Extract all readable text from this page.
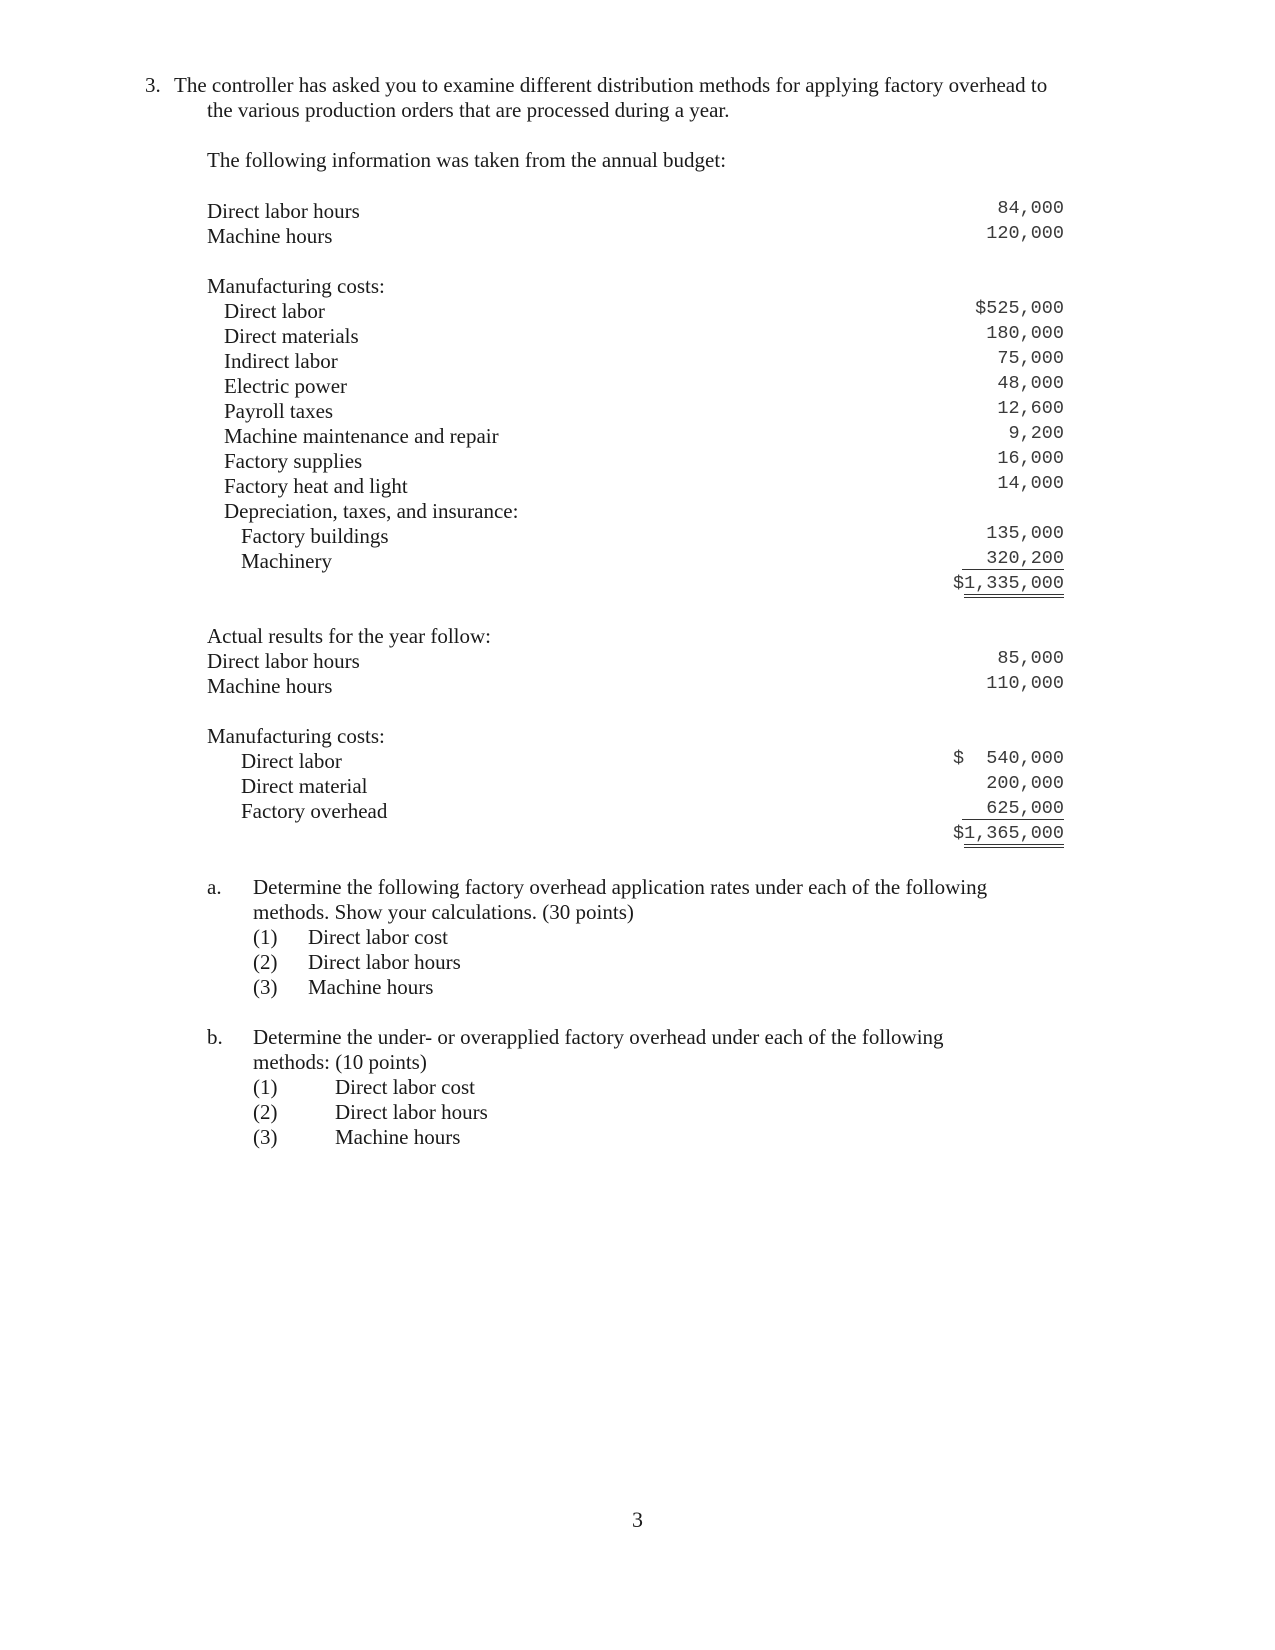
3. The controller has asked you to examine different distribution methods for applying factory overhead to
the various production orders that are processed during a year.
The following information was taken from the annual budget:
Direct labor hours	84,000
Machine hours	120,000
Manufacturing costs:
Direct labor	$525,000
Direct materials	180,000
Indirect labor	75,000
Electric power	48,000
Payroll taxes	12,600
Machine maintenance and repair	9,200
Factory supplies	16,000
Factory heat and light	14,000
Depreciation, taxes, and insurance:
Factory buildings	135,000
Machinery	320,200
$1,335,000
Actual results for the year follow:
Direct labor hours	85,000
Machine hours	110,000
Manufacturing costs:
Direct labor	$  540,000
Direct material	200,000
Factory overhead	625,000
$1,365,000
a. Determine the following factory overhead application rates under each of the following
methods. Show your calculations. (30 points)
(1) Direct labor cost
(2) Direct labor hours
(3) Machine hours
b. Determine the under- or overapplied factory overhead under each of the following
methods: (10 points)
(1)	Direct labor cost
(2)	Direct labor hours
(3)	Machine hours
3
